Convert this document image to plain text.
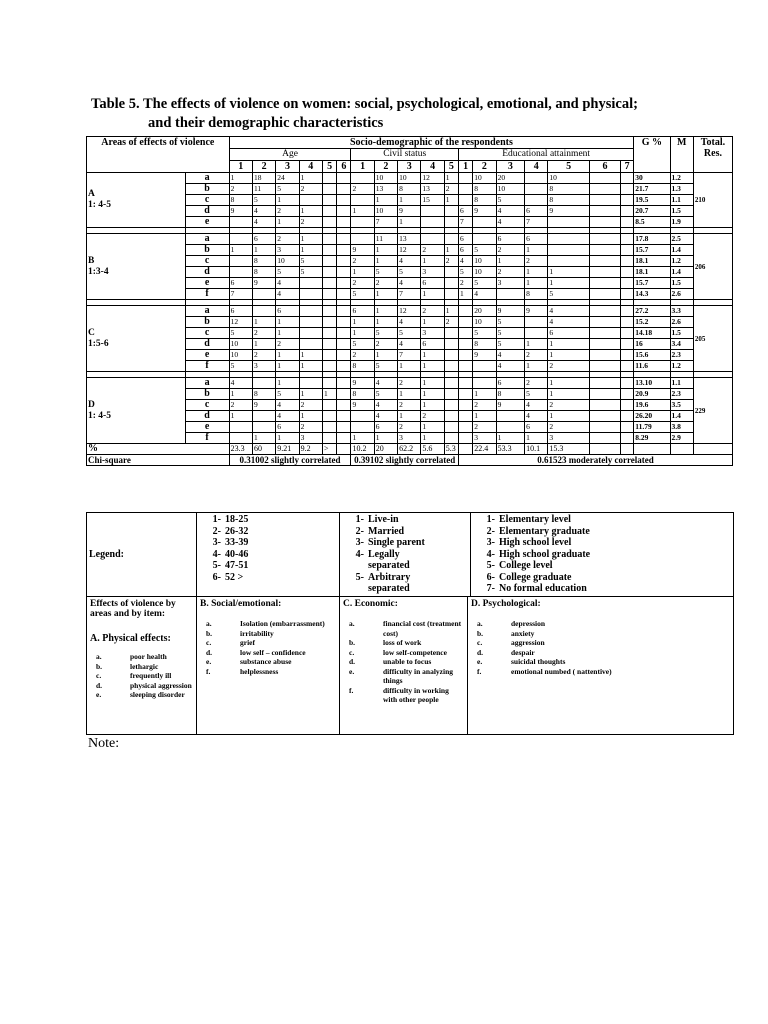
Table 5. The effects of violence on women: social, psychological, emotional, and physical;
and their demographic characteristics
Areas of effects of violence		Socio-demographic of the respondents																		G %	M	Total. Res.
		Age						Civil status					Educational attainment									
		1	2	3	4	5	6	1	2	3	4	5	1	2	3	4	5	6	7			
A
1: 4-5	a	1	18	24	1				10	10	12	1		10	20		10			30	1.2	210
	b	2	11	5	2			2	13	8	13	2		8	10		8			21.7	1.3	
	c	8	5	1					1	1	15	1		8	5		8			19.5	1.1	
	d	9	4	2	1			1	10	9			6	9	4	6	9			20.7	1.5	
	e		4	1	2				7	1			7		4	7				8.5	1.9	

B
1:3-4	a		6	2	1				11	13			6		6	6				17.8	2.5	206
	b	1	1	3	1			9	1	12	2	1	6	5	2	1				15.7	1.4	
	c		8	10	5			2	1	4	1	2	4	10	1	2				18.1	1.2	
	d		8	5	5			1	5	5	3		5	10	2	1	1			18.1	1.4	
	e	6	9	4				2	2	4	6		2	5	3	1	1			15.7	1.5	
	f	7		4				5	1	7	1		1	4		8	5			14.3	2.6	

C
1:5-6	a	6		6				6	1	12	2	1		20	9	9	4			27.2	3.3	205
	b	12	1	1				1	1	4	1	2		10	5		4			15.2	2.6	
	c	5	2	1				1	5	5	3			5	5		6			14.18	1.5	
	d	10	1	2				5	2	4	6			8	5	1	1			16	3.4	
	e	10	2	1	1			2	1	7	1			9	4	2	1			15.6	2.3	
	f	5	3	1	1			8	5	1	1				4	1	2			11.6	1.2	

D
1: 4-5	a	4		1				9	4	2	1				6	2	1			13.10	1.1	229
	b	1	8	5	1	1		8	5	1	1			1	8	5	1			20.9	2.3	
	c	2	9	4	2			9	4	2	1			2	9	4	2			19.6	3.5	
	d	1		4	1				4	1	2			1		4	1			26.20	1.4	
	e			6	2				6	2	1			2		6	2			11.79	3.8	
	f		1	1	3			1	1	3	1			3	1	1	3			8.29	2.9	
%		23.3	60	9.21	9.2	>		10.2	20	62.2	5.6	5.3		22.4	53.3	10.1	15.3					
Chi-square		0.31002 slightly correlated						0.39102 slightly correlated					0.61523 moderately correlated									
Legend:	
1- 18-25
2- 26-32
3- 33-39
4- 40-46
5- 47-51
6- 52 >

1- Live-in
2- Married
3- Single parent
4- Legally
separated
5- Arbitrary
separated

1- Elementary level
2- Elementary graduate
3- High school level
4- High school graduate
5- College level
6- College graduate
7- No formal education
Effects of violence by areas and by item:
A. Physical effects:
a.	poor health
b.	lethargic
c.	frequently ill
d.	physical aggression
e.	sleeping disorder

B. Social/emotional:
a.	Isolation (embarrassment)
b.	irritability
c.	grief
d.	low self – confidence
e.	substance abuse
f.	helplessness

C. Economic:
a.	financial cost (treatment cost)
b.	loss of work
c.	low self-competence
d.	unable to focus
e.	difficulty in analyzing things
f.	difficulty in working with other people

D. Psychological:
a.	depression
b.	anxiety
c.	aggression
d.	despair
e.	suicidal thoughts
f.	emotional numbed ( nattentive)
Note:
